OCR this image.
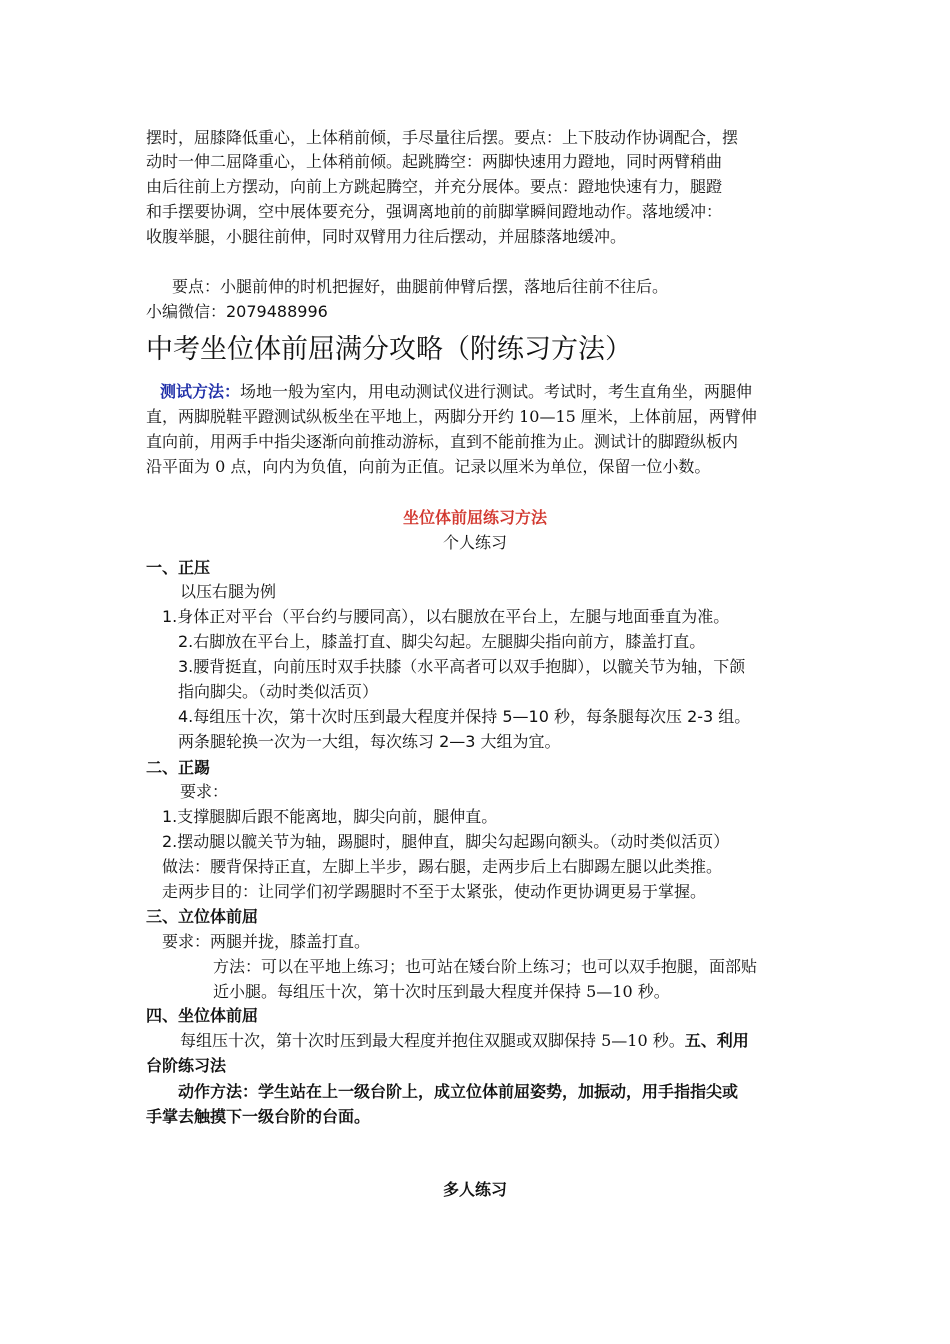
摆时，屈膝降低重心，上体稍前倾，手尽量往后摆。要点：上下肢动作协调配合，摆
动时一伸二屈降重心，上体稍前倾。起跳腾空：两脚快速用力蹬地，同时两臂稍曲
由后往前上方摆动，向前上方跳起腾空，并充分展体。要点：蹬地快速有力，腿蹬
和手摆要协调，空中展体要充分，强调离地前的前脚掌瞬间蹬地动作。落地缓冲：
收腹举腿，小腿往前伸，同时双臂用力往后摆动，并屈膝落地缓冲。
要点：小腿前伸的时机把握好，曲腿前伸臂后摆，落地后往前不往后。
小编微信：2079488996
中考坐位体前屈满分攻略（附练习方法）
测试方法：场地一般为室内，用电动测试仪进行测试。考试时，考生直角坐，两腿伸
直，两脚脱鞋平蹬测试纵板坐在平地上，两脚分开约 10—15 厘米，上体前屈，两臂伸
直向前，用两手中指尖逐渐向前推动游标，直到不能前推为止。测试计的脚蹬纵板内
沿平面为 0 点，向内为负值，向前为正值。记录以厘米为单位，保留一位小数。
坐位体前屈练习方法
个人练习
一、正压
以压右腿为例
1.身体正对平台（平台约与腰同高），以右腿放在平台上，左腿与地面垂直为准。
2.右脚放在平台上，膝盖打直、脚尖勾起。左腿脚尖指向前方，膝盖打直。
3.腰背挺直，向前压时双手扶膝（水平高者可以双手抱脚），以髋关节为轴，下颌
指向脚尖。（动时类似活页）
4.每组压十次，第十次时压到最大程度并保持 5—10 秒，每条腿每次压 2-3 组。
两条腿轮换一次为一大组，每次练习 2—3 大组为宜。
二、正踢
要求：
1.支撑腿脚后跟不能离地，脚尖向前，腿伸直。
2.摆动腿以髋关节为轴，踢腿时，腿伸直，脚尖勾起踢向额头。（动时类似活页）
做法：腰背保持正直，左脚上半步，踢右腿，走两步后上右脚踢左腿以此类推。
走两步目的：让同学们初学踢腿时不至于太紧张，使动作更协调更易于掌握。
三、立位体前屈
要求：两腿并拢，膝盖打直。
方法：可以在平地上练习；也可站在矮台阶上练习；也可以双手抱腿，面部贴
近小腿。每组压十次，第十次时压到最大程度并保持 5—10 秒。
四、坐位体前屈
每组压十次，第十次时压到最大程度并抱住双腿或双脚保持 5—10 秒。五、利用
台阶练习法
动作方法：学生站在上一级台阶上，成立位体前屈姿势，加振动，用手指指尖或
手掌去触摸下一级台阶的台面。
多人练习
